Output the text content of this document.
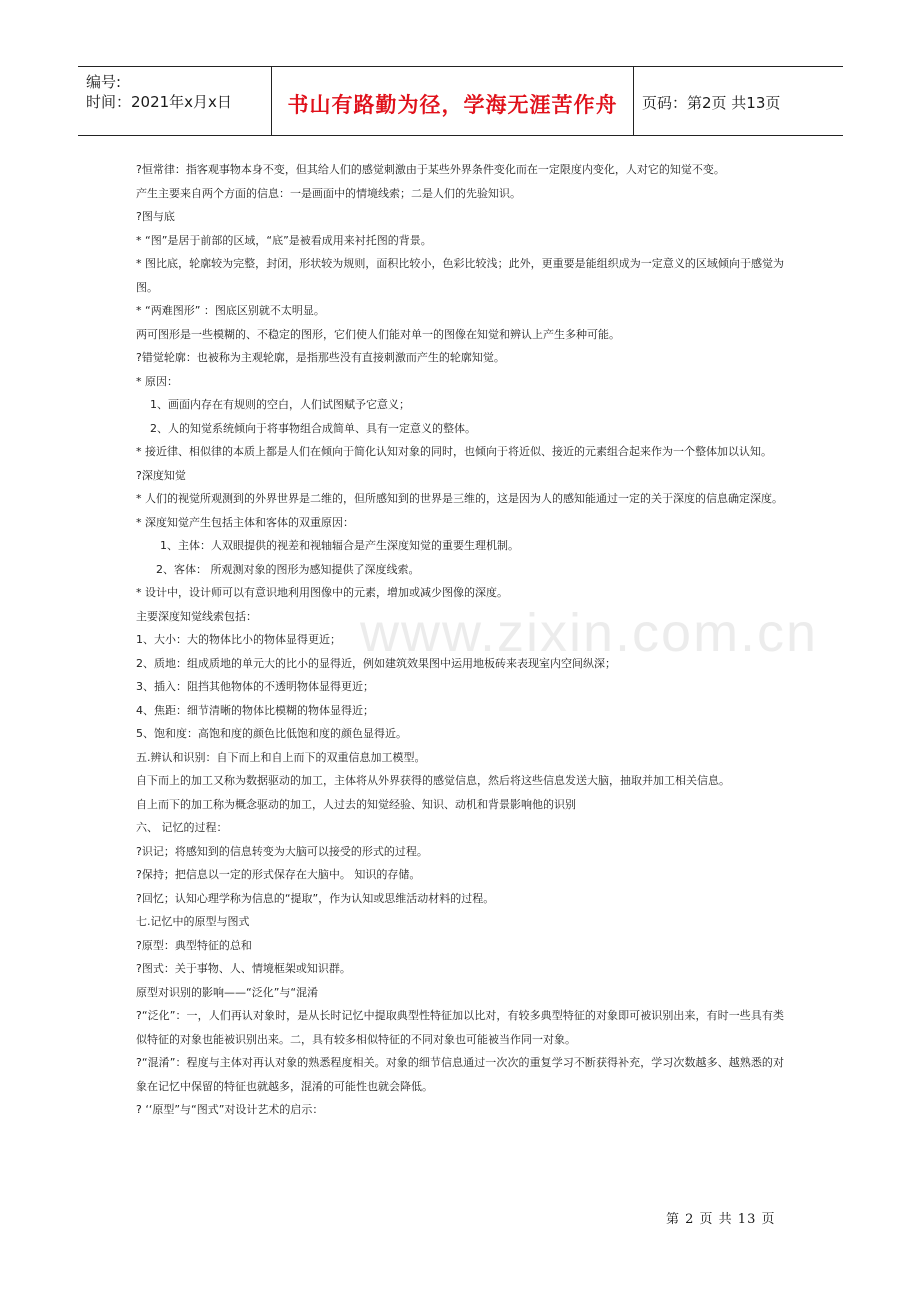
编号:
时间：2021年x月x日	书山有路勤为径，学海无涯苦作舟	页码：第2页 共13页
www.zixin.com.cn

?恒常律：指客观事物本身不变，但其给人们的感觉刺激由于某些外界条件变化而在一定限度内变化，人对它的知觉不变。

产生主要来自两个方面的信息：一是画面中的情境线索；二是人们的先验知识。

?图与底

* “图”是居于前部的区域，“底”是被看成用来衬托图的背景。

* 图比底，轮廓较为完整，封闭，形状较为规则，面积比较小，色彩比较浅；此外，更重要是能组织成为一定意义的区域倾向于感觉为图。

* “两难图形” ：图底区别就不太明显。

两可图形是一些模糊的、不稳定的图形，它们使人们能对单一的图像在知觉和辨认上产生多种可能。

?错觉轮廓：也被称为主观轮廓，是指那些没有直接刺激而产生的轮廓知觉。

* 原因：

1、画面内存在有规则的空白，人们试图赋予它意义；

2、人的知觉系统倾向于将事物组合成简单、具有一定意义的整体。

* 接近律、相似律的本质上都是人们在倾向于简化认知对象的同时，也倾向于将近似、接近的元素组合起来作为一个整体加以认知。

?深度知觉

* 人们的视觉所观测到的外界世界是二维的，但所感知到的世界是三维的，这是因为人的感知能通过一定的关于深度的信息确定深度。

* 深度知觉产生包括主体和客体的双重原因：

1、主体：人双眼提供的视差和视轴辐合是产生深度知觉的重要生理机制。

2、客体： 所观测对象的图形为感知提供了深度线索。

* 设计中，设计师可以有意识地利用图像中的元素，增加或减少图像的深度。

主要深度知觉线索包括：

1、大小：大的物体比小的物体显得更近；

2、质地：组成质地的单元大的比小的显得近，例如建筑效果图中运用地板砖来表现室内空间纵深；

3、插入：阻挡其他物体的不透明物体显得更近；

4、焦距：细节清晰的物体比模糊的物体显得近；

5、饱和度：高饱和度的颜色比低饱和度的颜色显得近。

五.辨认和识别：自下而上和自上而下的双重信息加工模型。

自下而上的加工又称为数据驱动的加工，主体将从外界获得的感觉信息，然后将这些信息发送大脑，抽取并加工相关信息。

自上而下的加工称为概念驱动的加工，人过去的知觉经验、知识、动机和背景影响他的识别

六、 记忆的过程：

?识记；将感知到的信息转变为大脑可以接受的形式的过程。

?保持；把信息以一定的形式保存在大脑中。 知识的存储。

?回忆；认知心理学称为信息的“提取”，作为认知或思维活动材料的过程。

七.记忆中的原型与图式

?原型：典型特征的总和

?图式：关于事物、人、情境框架或知识群。

原型对识别的影响——“泛化”与“混淆

?“泛化”：一，人们再认对象时，是从长时记忆中提取典型性特征加以比对，有较多典型特征的对象即可被识别出来，有时一些具有类似特征的对象也能被识别出来。二，具有较多相似特征的不同对象也可能被当作同一对象。

?“混淆”：程度与主体对再认对象的熟悉程度相关。对象的细节信息通过一次次的重复学习不断获得补充，学习次数越多、越熟悉的对象在记忆中保留的特征也就越多，混淆的可能性也就会降低。

? ‘‘原型”与“图式”对设计艺术的启示：

第 2 页 共 13 页
